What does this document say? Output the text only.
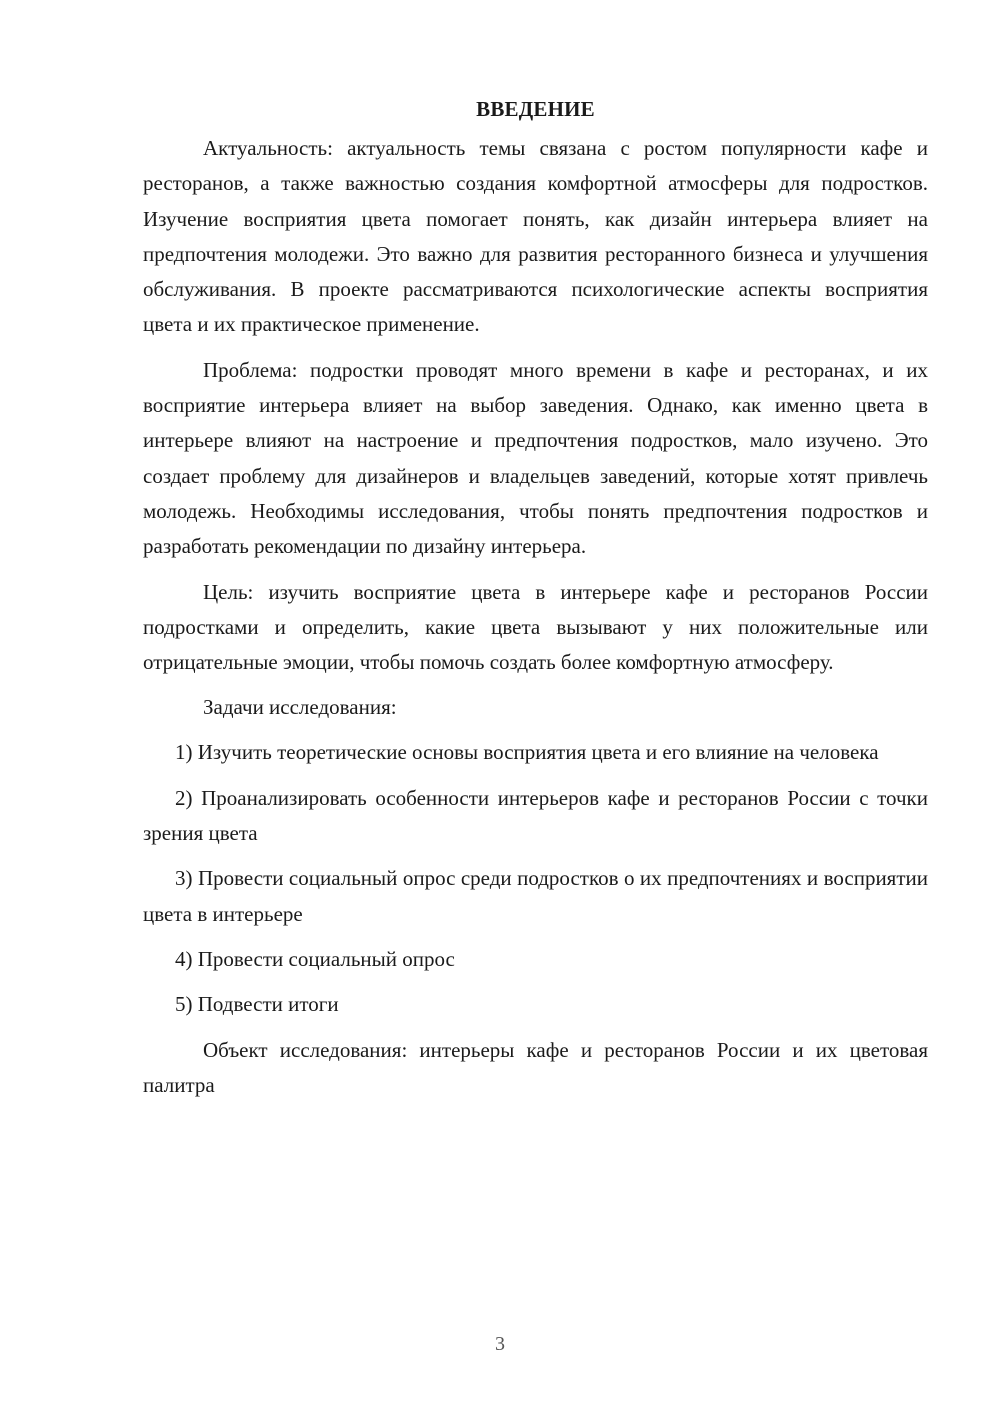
ВВЕДЕНИЕ

Актуальность: актуальность темы связана с ростом популярности кафе и ресторанов, а также важностью создания комфортной атмосферы для подростков. Изучение восприятия цвета помогает понять, как дизайн интерьера влияет на предпочтения молодежи. Это важно для развития ресторанного бизнеса и улучшения обслуживания. В проекте рассматриваются психологические аспекты восприятия цвета и их практическое применение.

Проблема: подростки проводят много времени в кафе и ресторанах, и их восприятие интерьера влияет на выбор заведения. Однако, как именно цвета в интерьере влияют на настроение и предпочтения подростков, мало изучено. Это создает проблему для дизайнеров и владельцев заведений, которые хотят привлечь молодежь. Необходимы исследования, чтобы понять предпочтения подростков и разработать рекомендации по дизайну интерьера.

Цель: изучить восприятие цвета в интерьере кафе и ресторанов России подростками и определить, какие цвета вызывают у них положительные или отрицательные эмоции, чтобы помочь создать более комфортную атмосферу.

Задачи исследования:

1) Изучить теоретические основы восприятия цвета и его влияние на человека

2) Проанализировать особенности интерьеров кафе и ресторанов России с точки зрения цвета

3) Провести социальный опрос среди подростков о их предпочтениях и восприятии цвета в интерьере

4) Провести социальный опрос

5) Подвести итоги

Объект исследования: интерьеры кафе и ресторанов России и их цветовая палитра

3
